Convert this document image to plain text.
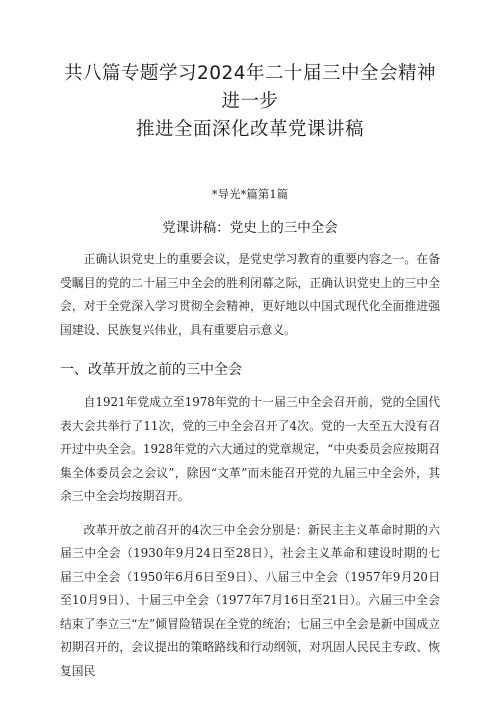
共八篇专题学习2024年二十届三中全会精神进一步
推进全面深化改革党课讲稿
*导光*篇第1篇
党课讲稿：党史上的三中全会

正确认识党史上的重要会议，是党史学习教育的重要内容之一。在备受瞩目的党的二十届三中全会的胜利闭幕之际，正确认识党史上的三中全会，对于全党深入学习贯彻全会精神，更好地以中国式现代化全面推进强国建设、民族复兴伟业，具有重要启示意义。

一、改革开放之前的三中全会

自1921年党成立至1978年党的十一届三中全会召开前，党的全国代表大会共举行了11次，党的三中全会召开了4次。党的一大至五大没有召开过中央全会。1928年党的六大通过的党章规定，“中央委员会应按期召集全体委员会之会议”，除因“文革”而未能召开党的九届三中全会外，其余三中全会均按期召开。

改革开放之前召开的4次三中全会分别是：新民主主义革命时期的六届三中全会（1930年9月24日至28日），社会主义革命和建设时期的七届三中全会（1950年6月6日至9日）、八届三中全会（1957年9月20日至10月9日）、十届三中全会（1977年7月16日至21日）。六届三中全会结束了李立三“左”倾冒险错误在全党的统治；七届三中全会是新中国成立初期召开的，会议提出的策略路线和行动纲领，对巩固人民民主专政、恢复国民
